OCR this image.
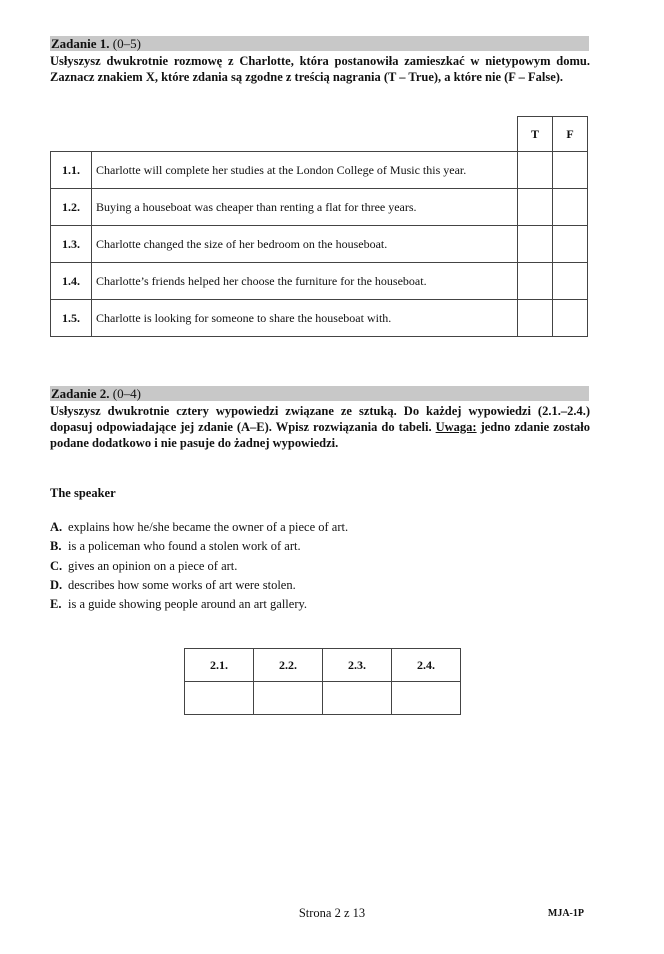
Zadanie 1. (0–5)
Usłyszysz dwukrotnie rozmowę z Charlotte, która postanowiła zamieszkać w nietypowym domu. Zaznacz znakiem X, które zdania są zgodne z treścią nagrania (T – True), a które nie (F – False).
		T	F
1.1.	Charlotte will complete her studies at the London College of Music this year.		
1.2.	Buying a houseboat was cheaper than renting a flat for three years.		
1.3.	Charlotte changed the size of her bedroom on the houseboat.		
1.4.	Charlotte’s friends helped her choose the furniture for the houseboat.		
1.5.	Charlotte is looking for someone to share the houseboat with.		
Zadanie 2. (0–4)
Usłyszysz dwukrotnie cztery wypowiedzi związane ze sztuką. Do każdej wypowiedzi (2.1.–2.4.) dopasuj odpowiadające jej zdanie (A–E). Wpisz rozwiązania do tabeli. Uwaga: jedno zdanie zostało podane dodatkowo i nie pasuje do żadnej wypowiedzi.
The speaker
A. explains how he/she became the owner of a piece of art.
B. is a policeman who found a stolen work of art.
C. gives an opinion on a piece of art.
D. describes how some works of art were stolen.
E. is a guide showing people around an art gallery.
2.1.	2.2.	2.3.	2.4.

Strona 2 z 13	MJA-1P
